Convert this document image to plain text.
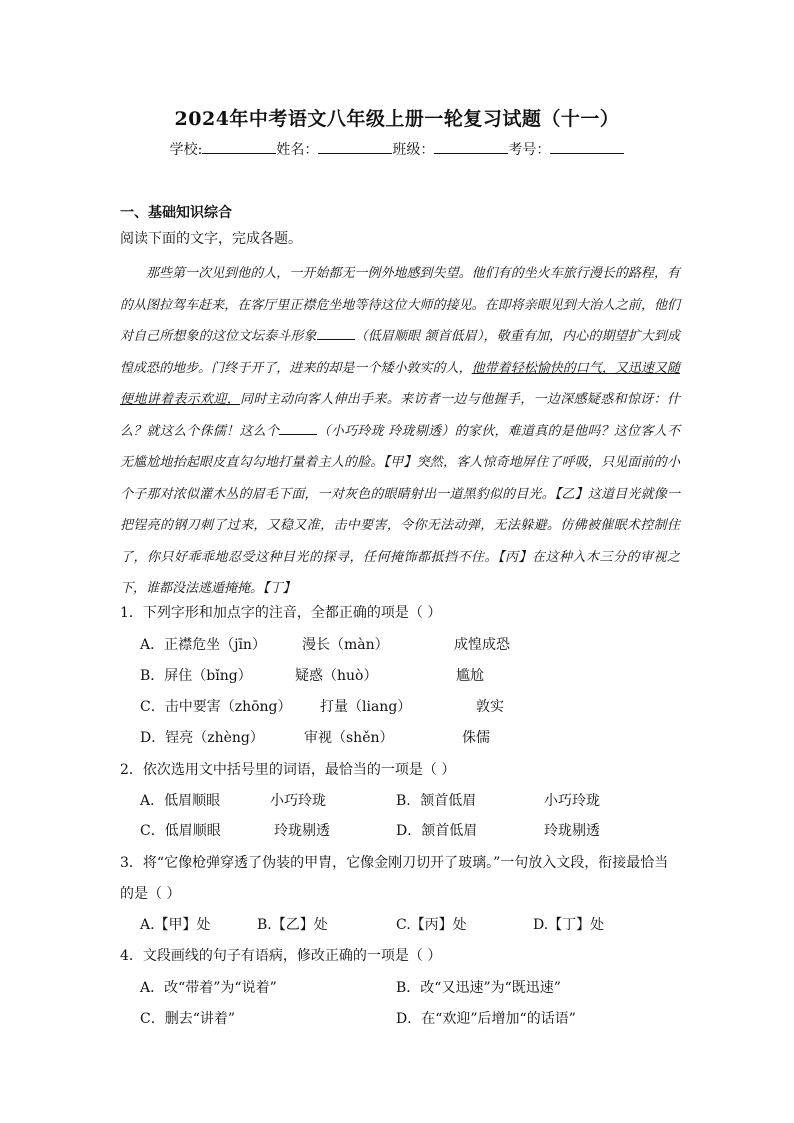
2024年中考语文八年级上册一轮复习试题（十一）
学校:	姓名：	班级：	考号：
一、基础知识综合
阅读下面的文字，完成各题。

那些第一次见到他的人，一开始都无一例外地感到失望。他们有的坐火车旅行漫长的路程，有的从图拉驾车赶来，在客厅里正襟危坐地等待这位大师的接见。在即将亲眼见到大治人之前，他们对自己所想象的这位文坛泰斗形象	（低眉顺眼 颔首低眉），敬重有加，内心的期望扩大到成惶成恐的地步。门终于开了，进来的却是一个矮小敦实的人，他带着轻松愉快的口气，又迅速又随便地讲着表示欢迎，同时主动向客人伸出手来。来访者一边与他握手，一边深感疑惑和惊讶：什么？就这么个侏儒！这么个	（小巧玲珑 玲珑剔透）的家伙，难道真的是他吗？这位客人不无尴尬地抬起眼皮直勾勾地打量着主人的脸。【甲】突然，客人惊奇地屏住了呼吸，只见面前的小个子那对浓似灌木丛的眉毛下面，一对灰色的眼睛射出一道黑豹似的目光。【乙】这道目光就像一把锃亮的钢刀刺了过来，又稳又准，击中要害，令你无法动弹，无法躲避。仿佛被催眠术控制住了，你只好乖乖地忍受这种目光的探寻，任何掩饰都抵挡不住。【丙】在这种入木三分的审视之下，谁都没法逃遁掩掩。【丁】

1．下列字形和加点字的注音，全都正确的项是（ ）
A．正襟危坐（jīn）	漫长（màn）	成惶成恐
B．屏住（bǐng）	疑惑（huò）	尴尬
C．击中要害（zhōng） 打量（liang）	敦实
D．锃亮（zhèng）	审视（shěn）	侏儒
2．依次选用文中括号里的词语，最恰当的一项是（ ）
A．低眉顺眼	小巧玲珑	B．颔首低眉	小巧玲珑
C．低眉顺眼	玲珑剔透	D．颔首低眉	玲珑剔透
3．将“它像枪弹穿透了伪装的甲胄，它像金刚刀切开了玻璃。”一句放入文段，衔接最恰当
的是（ ）
A.【甲】处	B.【乙】处	C.【丙】处	D.【丁】处
4．文段画线的句子有语病，修改正确的一项是（ ）
A．改“带着”为“说着”	B．改“又迅速”为“既迅速”
C．删去“讲着”	D．在“欢迎”后增加“的话语”
